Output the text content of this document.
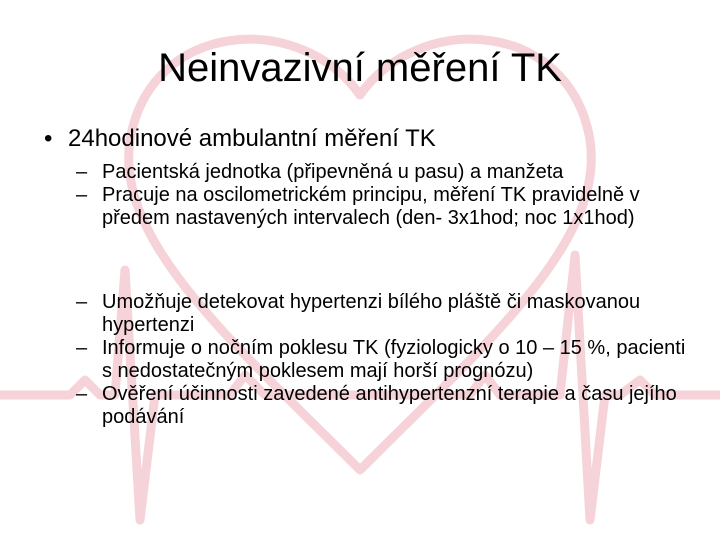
Neinvazivní měření TK
• 24hodinové ambulantní měření TK
– Pacientská jednotka (připevněná u pasu) a manžeta
– Pracuje na oscilometrickém principu, měření TK pravidelně v předem nastavených intervalech (den- 3x1hod; noc 1x1hod)
– Umožňuje detekovat hypertenzi bílého pláště či maskovanou hypertenzi
– Informuje o nočním poklesu TK (fyziologicky o 10 – 15 %, pacienti s nedostatečným poklesem mají horší prognózu)
– Ověření účinnosti zavedené antihypertenzní terapie a času jejího podávání
